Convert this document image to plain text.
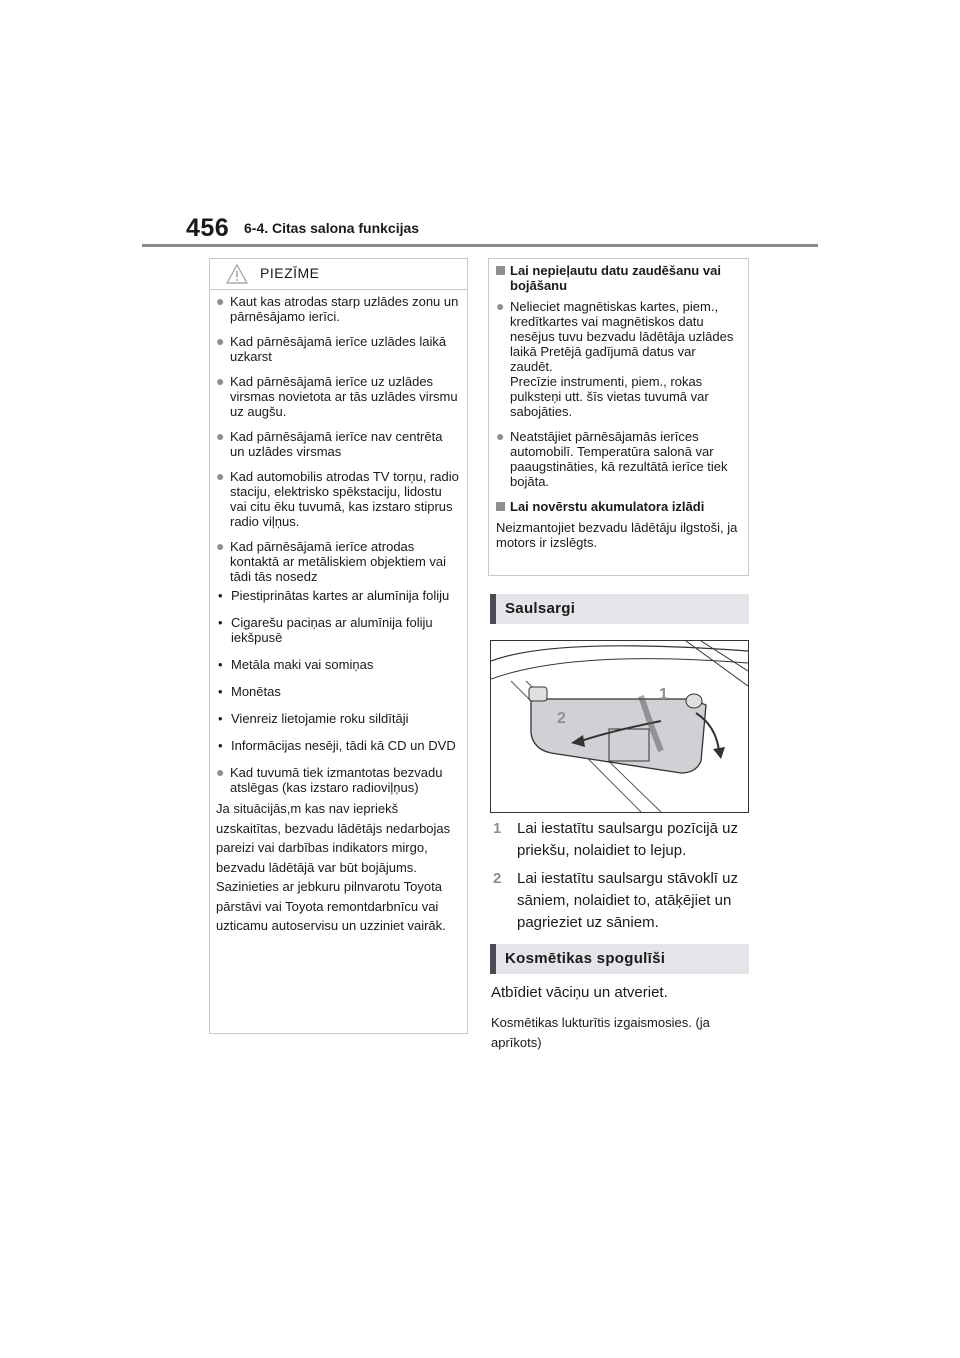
456 6-4. Citas salona funkcijas
PIEZĪME
● Kaut kas atrodas starp uzlādes zonu un pārnēsājamo ierīci.
● Kad pārnēsājamā ierīce uzlādes laikā uzkarst
● Kad pārnēsājamā ierīce uz uzlādes virsmas novietota ar tās uzlādes virsmu uz augšu.
● Kad pārnēsājamā ierīce nav centrēta un uzlādes virsmas
● Kad automobilis atrodas TV torņu, radio staciju, elektrisko spēkstaciju, lidostu vai citu ēku tuvumā, kas izstaro stiprus radio viļņus.
● Kad pārnēsājamā ierīce atrodas kontaktā ar metāliskiem objektiem vai tādi tās nosedz
• Piestiprinātas kartes ar alumīnija foliju
• Cigarešu paciņas ar alumīnija foliju iekšpusē
• Metāla maki vai somiņas
• Monētas
• Vienreiz lietojamie roku sildītāji
• Informācijas nesēji, tādi kā CD un DVD
● Kad tuvumā tiek izmantotas bezvadu atslēgas (kas izstaro radioviļņus)
Ja situācijās,m kas nav iepriekš uzskaitītas, bezvadu lādētājs nedarbojas pareizi vai darbības indikators mirgo, bezvadu lādētājā var būt bojājums. Sazinieties ar jebkuru pilnvarotu Toyota pārstāvi vai Toyota remontdarbnīcu vai uzticamu autoservisu un uzziniet vairāk.
Lai nepieļautu datu zaudēšanu vai bojāšanu
● Nelieciet magnētiskas kartes, piem., kredītkartes vai magnētiskos datu nesējus tuvu bezvadu lādētāja uzlādes laikā Pretējā gadījumā datus var zaudēt.
Precīzie instrumenti, piem., rokas pulksteņi utt. šīs vietas tuvumā var sabojāties.
● Neatstājiet pārnēsājamās ierīces automobilī. Temperatūra salonā var paaugstināties, kā rezultātā ierīce tiek bojāta.
Lai novērstu akumulatora izlādi
Neizmantojiet bezvadu lādētāju ilgstoši, ja motors ir izslēgts.
Saulsargi
1
2
1 Lai iestatītu saulsargu pozīcijā uz priekšu, nolaidiet to lejup.
2 Lai iestatītu saulsargu stāvoklī uz sāniem, nolaidiet to, atāķējiet un pagrieziet uz sāniem.
Kosmētikas spogulīši
Atbīdiet vāciņu un atveriet.
Kosmētikas lukturītis izgaismosies. (ja aprīkots)
